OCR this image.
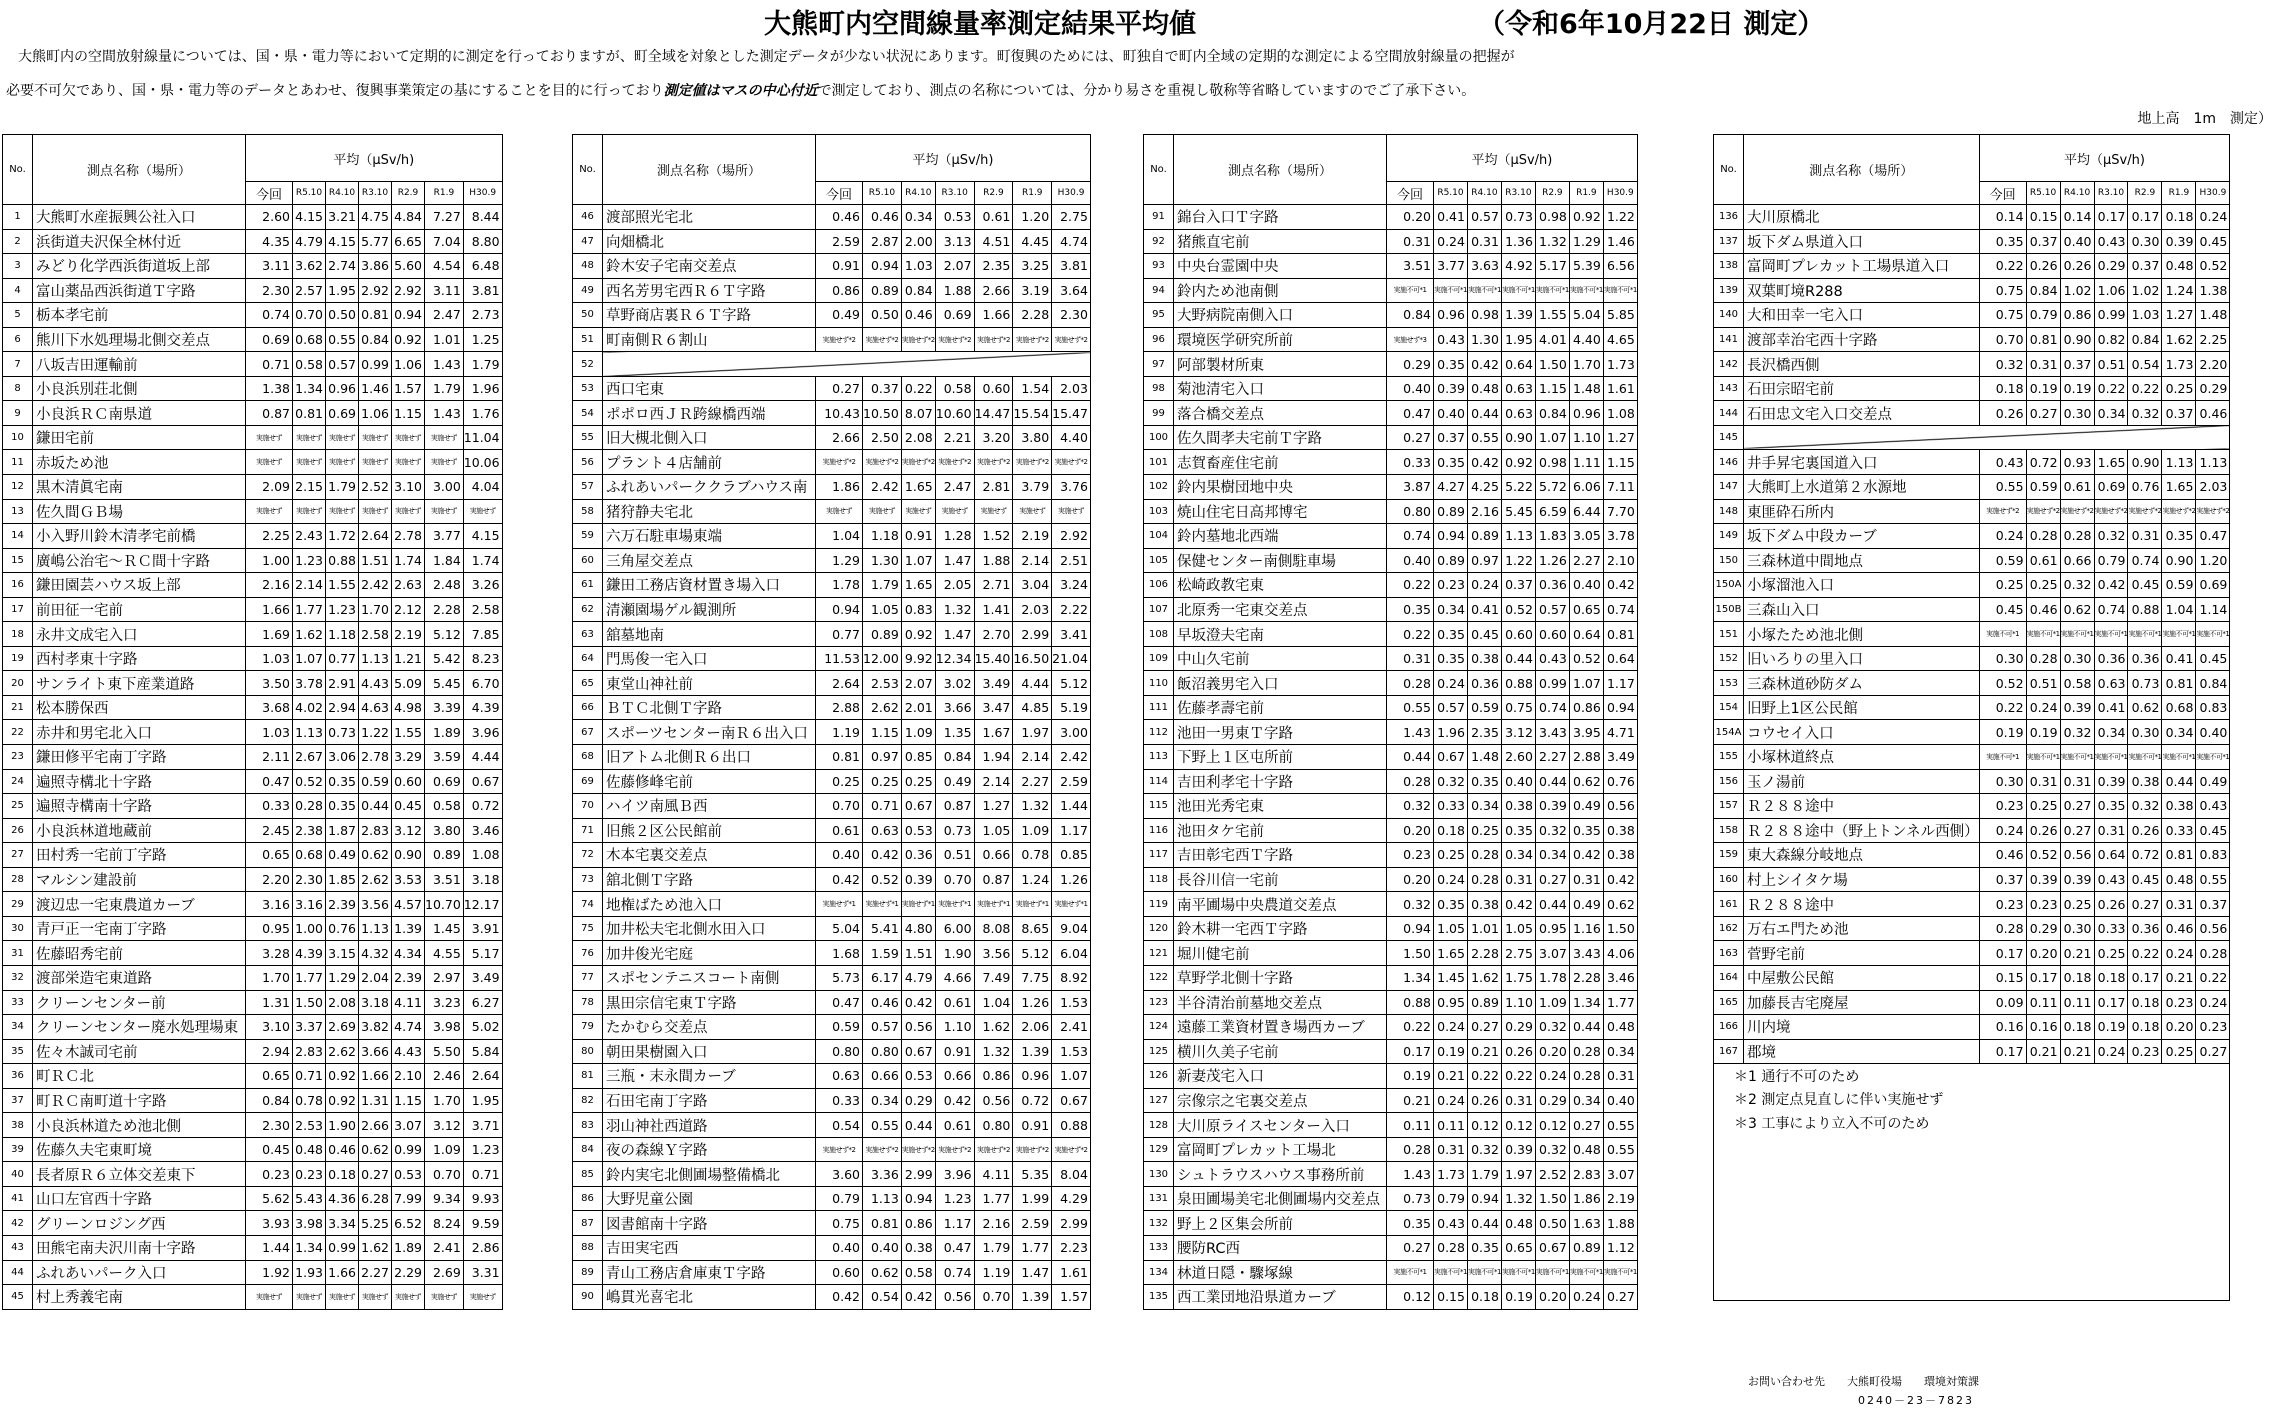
大熊町内空間線量率測定結果平均値	（令和6年10月22日 測定）
大熊町内の空間放射線量については、国・県・電力等において定期的に測定を行っておりますが、町全域を対象とした測定データが少ない状況にあります。町復興のためには、町独自で町内全域の定期的な測定による空間放射線量の把握が
必要不可欠であり、国・県・電力等のデータとあわせ、復興事業策定の基にすることを目的に行っており測定値はマスの中心付近で測定しており、測点の名称については、分かり易さを重視し敬称等省略していますのでご了承下さい。
地上高　1m　測定）
No.	測点名称（場所）	平均（μSv/h)						
		今回	R5.10	R4.10	R3.10	R2.9	R1.9	H30.9
1	大熊町水産振興公社入口	2.60	4.15	3.21	4.75	4.84	7.27	8.44
2	浜街道夫沢保全林付近	4.35	4.79	4.15	5.77	6.65	7.04	8.80
3	みどり化学西浜街道坂上部	3.11	3.62	2.74	3.86	5.60	4.54	6.48
4	富山薬品西浜街道Ｔ字路	2.30	2.57	1.95	2.92	2.92	3.11	3.81
5	栃本孝宅前	0.74	0.70	0.50	0.81	0.94	2.47	2.73
6	熊川下水処理場北側交差点	0.69	0.68	0.55	0.84	0.92	1.01	1.25
7	八坂吉田運輸前	0.71	0.58	0.57	0.99	1.06	1.43	1.79
8	小良浜別荘北側	1.38	1.34	0.96	1.46	1.57	1.79	1.96
9	小良浜ＲＣ南県道	0.87	0.81	0.69	1.06	1.15	1.43	1.76
10	鎌田宅前	実施せず	実施せず	実施せず	実施せず	実施せず	実施せず	11.04
11	赤坂ため池	実施せず	実施せず	実施せず	実施せず	実施せず	実施せず	10.06
12	黒木清眞宅南	2.09	2.15	1.79	2.52	3.10	3.00	4.04
13	佐久間ＧＢ場	実施せず	実施せず	実施せず	実施せず	実施せず	実施せず	実施せず
14	小入野川鈴木清孝宅前橋	2.25	2.43	1.72	2.64	2.78	3.77	4.15
15	廣嶋公治宅～ＲＣ間十字路	1.00	1.23	0.88	1.51	1.74	1.84	1.74
16	鎌田園芸ハウス坂上部	2.16	2.14	1.55	2.42	2.63	2.48	3.26
17	前田征一宅前	1.66	1.77	1.23	1.70	2.12	2.28	2.58
18	永井文成宅入口	1.69	1.62	1.18	2.58	2.19	5.12	7.85
19	西村孝東十字路	1.03	1.07	0.77	1.13	1.21	5.42	8.23
20	サンライト東下産業道路	3.50	3.78	2.91	4.43	5.09	5.45	6.70
21	松本勝保西	3.68	4.02	2.94	4.63	4.98	3.39	4.39
22	赤井和男宅北入口	1.03	1.13	0.73	1.22	1.55	1.89	3.96
23	鎌田修平宅南丁字路	2.11	2.67	3.06	2.78	3.29	3.59	4.44
24	遍照寺構北十字路	0.47	0.52	0.35	0.59	0.60	0.69	0.67
25	遍照寺構南十字路	0.33	0.28	0.35	0.44	0.45	0.58	0.72
26	小良浜林道地蔵前	2.45	2.38	1.87	2.83	3.12	3.80	3.46
27	田村秀一宅前丁字路	0.65	0.68	0.49	0.62	0.90	0.89	1.08
28	マルシン建設前	2.20	2.30	1.85	2.62	3.53	3.51	3.18
29	渡辺忠一宅東農道カーブ	3.16	3.16	2.39	3.56	4.57	10.70	12.17
30	青戸正一宅南丁字路	0.95	1.00	0.76	1.13	1.39	1.45	3.91
31	佐藤昭秀宅前	3.28	4.39	3.15	4.32	4.34	4.55	5.17
32	渡部栄造宅東道路	1.70	1.77	1.29	2.04	2.39	2.97	3.49
33	クリーンセンター前	1.31	1.50	2.08	3.18	4.11	3.23	6.27
34	クリーンセンター廃水処理場東	3.10	3.37	2.69	3.82	4.74	3.98	5.02
35	佐々木誠司宅前	2.94	2.83	2.62	3.66	4.43	5.50	5.84
36	町ＲＣ北	0.65	0.71	0.92	1.66	2.10	2.46	2.64
37	町ＲＣ南町道十字路	0.84	0.78	0.92	1.31	1.15	1.70	1.95
38	小良浜林道ため池北側	2.30	2.53	1.90	2.66	3.07	3.12	3.71
39	佐藤久夫宅東町境	0.45	0.48	0.46	0.62	0.99	1.09	1.23
40	長者原Ｒ６立体交差東下	0.23	0.23	0.18	0.27	0.53	0.70	0.71
41	山口左官西十字路	5.62	5.43	4.36	6.28	7.99	9.34	9.93
42	グリーンロジング西	3.93	3.98	3.34	5.25	6.52	8.24	9.59
43	田熊宅南夫沢川南十字路	1.44	1.34	0.99	1.62	1.89	2.41	2.86
44	ふれあいパーク入口	1.92	1.93	1.66	2.27	2.29	2.69	3.31
45	村上秀義宅南	実施せず	実施せず	実施せず	実施せず	実施せず	実施せず	実施せず
No.	測点名称（場所）	平均（μSv/h)						
		今回	R5.10	R4.10	R3.10	R2.9	R1.9	H30.9
46	渡部照光宅北	0.46	0.46	0.34	0.53	0.61	1.20	2.75
47	向畑橋北	2.59	2.87	2.00	3.13	4.51	4.45	4.74
48	鈴木安子宅南交差点	0.91	0.94	1.03	2.07	2.35	3.25	3.81
49	西名芳男宅西Ｒ６Ｔ字路	0.86	0.89	0.84	1.88	2.66	3.19	3.64
50	草野商店裏Ｒ６Ｔ字路	0.49	0.50	0.46	0.69	1.66	2.28	2.30
51	町南側Ｒ６割山	実施せず*2	実施せず*2	実施せず*2	実施せず*2	実施せず*2	実施せず*2	実施せず*2
52								
53	西口宅東	0.27	0.37	0.22	0.58	0.60	1.54	2.03
54	ポポロ西ＪＲ跨線橋西端	10.43	10.50	8.07	10.60	14.47	15.54	15.47
55	旧大槻北側入口	2.66	2.50	2.08	2.21	3.20	3.80	4.40
56	プラント４店舗前	実施せず*2	実施せず*2	実施せず*2	実施せず*2	実施せず*2	実施せず*2	実施せず*2
57	ふれあいパーククラブハウス南	1.86	2.42	1.65	2.47	2.81	3.79	3.76
58	猪狩静夫宅北	実施せず	実施せず	実施せず	実施せず	実施せず	実施せず	実施せず
59	六万石駐車場東端	1.04	1.18	0.91	1.28	1.52	2.19	2.92
60	三角屋交差点	1.29	1.30	1.07	1.47	1.88	2.14	2.51
61	鎌田工務店資材置き場入口	1.78	1.79	1.65	2.05	2.71	3.04	3.24
62	清瀬園場ゲル観測所	0.94	1.05	0.83	1.32	1.41	2.03	2.22
63	舘墓地南	0.77	0.89	0.92	1.47	2.70	2.99	3.41
64	門馬俊一宅入口	11.53	12.00	9.92	12.34	15.40	16.50	21.04
65	東堂山神社前	2.64	2.53	2.07	3.02	3.49	4.44	5.12
66	ＢＴＣ北側Ｔ字路	2.88	2.62	2.01	3.66	3.47	4.85	5.19
67	スポーツセンター南Ｒ６出入口	1.19	1.15	1.09	1.35	1.67	1.97	3.00
68	旧アトム北側Ｒ６出口	0.81	0.97	0.85	0.84	1.94	2.14	2.42
69	佐藤修峰宅前	0.25	0.25	0.25	0.49	2.14	2.27	2.59
70	ハイツ南風Ｂ西	0.70	0.71	0.67	0.87	1.27	1.32	1.44
71	旧熊２区公民館前	0.61	0.63	0.53	0.73	1.05	1.09	1.17
72	木本宅裏交差点	0.40	0.42	0.36	0.51	0.66	0.78	0.85
73	舘北側Ｔ字路	0.42	0.52	0.39	0.70	0.87	1.24	1.26
74	地権ばため池入口	実施せず*1	実施せず*1	実施せず*1	実施せず*1	実施せず*1	実施せず*1	実施せず*1
75	加井松夫宅北側水田入口	5.04	5.41	4.80	6.00	8.08	8.65	9.04
76	加井俊光宅庭	1.68	1.59	1.51	1.90	3.56	5.12	6.04
77	スポセンテニスコート南側	5.73	6.17	4.79	4.66	7.49	7.75	8.92
78	黒田宗信宅東Ｔ字路	0.47	0.46	0.42	0.61	1.04	1.26	1.53
79	たかむら交差点	0.59	0.57	0.56	1.10	1.62	2.06	2.41
80	朝田果樹園入口	0.80	0.80	0.67	0.91	1.32	1.39	1.53
81	三瓶・末永間カーブ	0.63	0.66	0.53	0.66	0.86	0.96	1.07
82	石田宅南丁字路	0.33	0.34	0.29	0.42	0.56	0.72	0.67
83	羽山神社西道路	0.54	0.55	0.44	0.61	0.80	0.91	0.88
84	夜の森線Ｙ字路	実施せず*2	実施せず*2	実施せず*2	実施せず*2	実施せず*2	実施せず*2	実施せず*2
85	鈴内実宅北側圃場整備橋北	3.60	3.36	2.99	3.96	4.11	5.35	8.04
86	大野児童公園	0.79	1.13	0.94	1.23	1.77	1.99	4.29
87	図書館南十字路	0.75	0.81	0.86	1.17	2.16	2.59	2.99
88	吉田実宅西	0.40	0.40	0.38	0.47	1.79	1.77	2.23
89	青山工務店倉庫東Ｔ字路	0.60	0.62	0.58	0.74	1.19	1.47	1.61
90	嶋貫光喜宅北	0.42	0.54	0.42	0.56	0.70	1.39	1.57
No.	測点名称（場所）	平均（μSv/h)						
		今回	R5.10	R4.10	R3.10	R2.9	R1.9	H30.9
91	錦台入口Ｔ字路	0.20	0.41	0.57	0.73	0.98	0.92	1.22
92	猪熊直宅前	0.31	0.24	0.31	1.36	1.32	1.29	1.46
93	中央台霊園中央	3.51	3.77	3.63	4.92	5.17	5.39	6.56
94	鈴内ため池南側	実施不可*1	実施不可*1	実施不可*1	実施不可*1	実施不可*1	実施不可*1	実施不可*1
95	大野病院南側入口	0.84	0.96	0.98	1.39	1.55	5.04	5.85
96	環境医学研究所前	実施せず*3	0.43	1.30	1.95	4.01	4.40	4.65
97	阿部製材所東	0.29	0.35	0.42	0.64	1.50	1.70	1.73
98	菊池清宅入口	0.40	0.39	0.48	0.63	1.15	1.48	1.61
99	落合橋交差点	0.47	0.40	0.44	0.63	0.84	0.96	1.08
100	佐久間孝夫宅前Ｔ字路	0.27	0.37	0.55	0.90	1.07	1.10	1.27
101	志賀畜産住宅前	0.33	0.35	0.42	0.92	0.98	1.11	1.15
102	鈴内果樹団地中央	3.87	4.27	4.25	5.22	5.72	6.06	7.11
103	焼山住宅日高邦博宅	0.80	0.89	2.16	5.45	6.59	6.44	7.70
104	鈴内墓地北西端	0.74	0.94	0.89	1.13	1.83	3.05	3.78
105	保健センター南側駐車場	0.40	0.89	0.97	1.22	1.26	2.27	2.10
106	松崎政教宅東	0.22	0.23	0.24	0.37	0.36	0.40	0.42
107	北原秀一宅東交差点	0.35	0.34	0.41	0.52	0.57	0.65	0.74
108	早坂澄夫宅南	0.22	0.35	0.45	0.60	0.60	0.64	0.81
109	中山久宅前	0.31	0.35	0.38	0.44	0.43	0.52	0.64
110	飯沼義男宅入口	0.28	0.24	0.36	0.88	0.99	1.07	1.17
111	佐藤孝壽宅前	0.55	0.57	0.59	0.75	0.74	0.86	0.94
112	池田一男東Ｔ字路	1.43	1.96	2.35	3.12	3.43	3.95	4.71
113	下野上１区屯所前	0.44	0.67	1.48	2.60	2.27	2.88	3.49
114	吉田利孝宅十字路	0.28	0.32	0.35	0.40	0.44	0.62	0.76
115	池田光秀宅東	0.32	0.33	0.34	0.38	0.39	0.49	0.56
116	池田タケ宅前	0.20	0.18	0.25	0.35	0.32	0.35	0.38
117	吉田彰宅西Ｔ字路	0.23	0.25	0.28	0.34	0.34	0.42	0.38
118	長谷川信一宅前	0.20	0.24	0.28	0.31	0.27	0.31	0.42
119	南平圃場中央農道交差点	0.32	0.35	0.38	0.42	0.44	0.49	0.62
120	鈴木耕一宅西Ｔ字路	0.94	1.05	1.01	1.05	0.95	1.16	1.50
121	堀川健宅前	1.50	1.65	2.28	2.75	3.07	3.43	4.06
122	草野学北側十字路	1.34	1.45	1.62	1.75	1.78	2.28	3.46
123	半谷清治前墓地交差点	0.88	0.95	0.89	1.10	1.09	1.34	1.77
124	遠藤工業資材置き場西カーブ	0.22	0.24	0.27	0.29	0.32	0.44	0.48
125	横川久美子宅前	0.17	0.19	0.21	0.26	0.20	0.28	0.34
126	新妻茂宅入口	0.19	0.21	0.22	0.22	0.24	0.28	0.31
127	宗像宗之宅裏交差点	0.21	0.24	0.26	0.31	0.29	0.34	0.40
128	大川原ライスセンター入口	0.11	0.11	0.12	0.12	0.12	0.27	0.55
129	富岡町プレカット工場北	0.28	0.31	0.32	0.39	0.32	0.48	0.55
130	シュトラウスハウス事務所前	1.43	1.73	1.79	1.97	2.52	2.83	3.07
131	泉田圃場美宅北側圃場内交差点	0.73	0.79	0.94	1.32	1.50	1.86	2.19
132	野上２区集会所前	0.35	0.43	0.44	0.48	0.50	1.63	1.88
133	腰防RC西	0.27	0.28	0.35	0.65	0.67	0.89	1.12
134	林道日隠・驟塚線	実施不可*1	実施不可*1	実施不可*1	実施不可*1	実施不可*1	実施不可*1	実施不可*1
135	西工業団地沿県道カーブ	0.12	0.15	0.18	0.19	0.20	0.24	0.27
No.	測点名称（場所）	平均（μSv/h)						
		今回	R5.10	R4.10	R3.10	R2.9	R1.9	H30.9
136	大川原橋北	0.14	0.15	0.14	0.17	0.17	0.18	0.24
137	坂下ダム県道入口	0.35	0.37	0.40	0.43	0.30	0.39	0.45
138	富岡町プレカット工場県道入口	0.22	0.26	0.26	0.29	0.37	0.48	0.52
139	双葉町境R288	0.75	0.84	1.02	1.06	1.02	1.24	1.38
140	大和田幸一宅入口	0.75	0.79	0.86	0.99	1.03	1.27	1.48
141	渡部幸治宅西十字路	0.70	0.81	0.90	0.82	0.84	1.62	2.25
142	長沢橋西側	0.32	0.31	0.37	0.51	0.54	1.73	2.20
143	石田宗昭宅前	0.18	0.19	0.19	0.22	0.22	0.25	0.29
144	石田忠文宅入口交差点	0.26	0.27	0.30	0.34	0.32	0.37	0.46
145								
146	井手昇宅裏国道入口	0.43	0.72	0.93	1.65	0.90	1.13	1.13
147	大熊町上水道第２水源地	0.55	0.59	0.61	0.69	0.76	1.65	2.03
148	東匪砕石所内	実施せず*2	実施せず*2	実施せず*2	実施せず*2	実施せず*2	実施せず*2	実施せず*2
149	坂下ダム中段カーブ	0.24	0.28	0.28	0.32	0.31	0.35	0.47
150	三森林道中間地点	0.59	0.61	0.66	0.79	0.74	0.90	1.20
150A	小塚溜池入口	0.25	0.25	0.32	0.42	0.45	0.59	0.69
150B	三森山入口	0.45	0.46	0.62	0.74	0.88	1.04	1.14
151	小塚たため池北側	実施不可*1	実施不可*1	実施不可*1	実施不可*1	実施不可*1	実施不可*1	実施不可*1
152	旧いろりの里入口	0.30	0.28	0.30	0.36	0.36	0.41	0.45
153	三森林道砂防ダム	0.52	0.51	0.58	0.63	0.73	0.81	0.84
154	旧野上1区公民館	0.22	0.24	0.39	0.41	0.62	0.68	0.83
154A	コウセイ入口	0.19	0.19	0.32	0.34	0.30	0.34	0.40
155	小塚林道終点	実施不可*1	実施不可*1	実施不可*1	実施不可*1	実施不可*1	実施不可*1	実施不可*1
156	玉ノ湯前	0.30	0.31	0.31	0.39	0.38	0.44	0.49
157	Ｒ２８８途中	0.23	0.25	0.27	0.35	0.32	0.38	0.43
158	Ｒ２８８途中（野上トンネル西側）	0.24	0.26	0.27	0.31	0.26	0.33	0.45
159	東大森線分岐地点	0.46	0.52	0.56	0.64	0.72	0.81	0.83
160	村上シイタケ場	0.37	0.39	0.39	0.43	0.45	0.48	0.55
161	Ｒ２８８途中	0.23	0.23	0.25	0.26	0.27	0.31	0.37
162	万右エ門ため池	0.28	0.29	0.30	0.33	0.36	0.46	0.56
163	菅野宅前	0.17	0.20	0.21	0.25	0.22	0.24	0.28
164	中屋敷公民館	0.15	0.17	0.18	0.18	0.17	0.21	0.22
165	加藤長吉宅廃屋	0.09	0.11	0.11	0.17	0.18	0.23	0.24
166	川内境	0.16	0.16	0.18	0.19	0.18	0.20	0.23
167	郡境	0.17	0.21	0.21	0.24	0.23	0.25	0.27
＊1 通行不可のため								
＊2 測定点見直しに伴い実施せず								
＊3 工事により立入不可のため								

お問い合わせ先　　大熊町役場　　環境対策課
0240－23－7823
